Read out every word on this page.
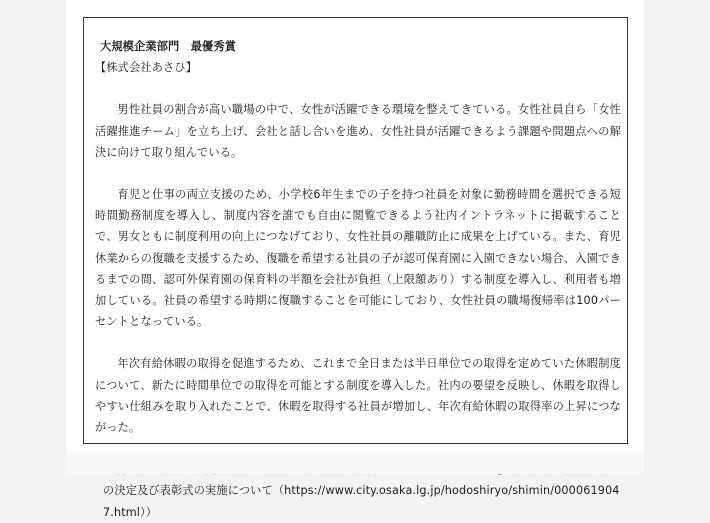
大規模企業部門　最優秀賞
【株式会社あさひ】

男性社員の割合が高い職場の中で、女性が活躍できる環境を整えてきている。女性社員自ら「女性活躍推進チーム」を立ち上げ、会社と話し合いを進め、女性社員が活躍できるよう課題や問題点への解決に向けて取り組んでいる。

育児と仕事の両立支援のため、小学校6年生までの子を持つ社員を対象に勤務時間を選択できる短時間勤務制度を導入し、制度内容を誰でも自由に閲覧できるよう社内イントラネットに掲載することで、男女ともに制度利用の向上につなげており、女性社員の離職防止に成果を上げている。また、育児休業からの復職を支援するため、復職を希望する社員の子が認可保育園に入園できない場合、入園できるまでの間、認可外保育園の保育料の半額を会社が負担（上限額あり）する制度を導入し、利用者も増加している。社員の希望する時期に復職することを可能にしており、女性社員の職場復帰率は100パーセントとなっている。

年次有給休暇の取得を促進するため、これまで全日または半日単位での取得を定めていた休暇制度について、新たに時間単位での取得を可能とする制度を導入した。社内の要望を反映し、休暇を取得しやすい仕組みを取り入れたことで、休暇を取得する社員が増加し、年次有給休暇の取得率の上昇につながった。

の決定及び表彰式の実施について（https://www.city.osaka.lg.jp/hodoshiryo/shimin/0000619047.html））
